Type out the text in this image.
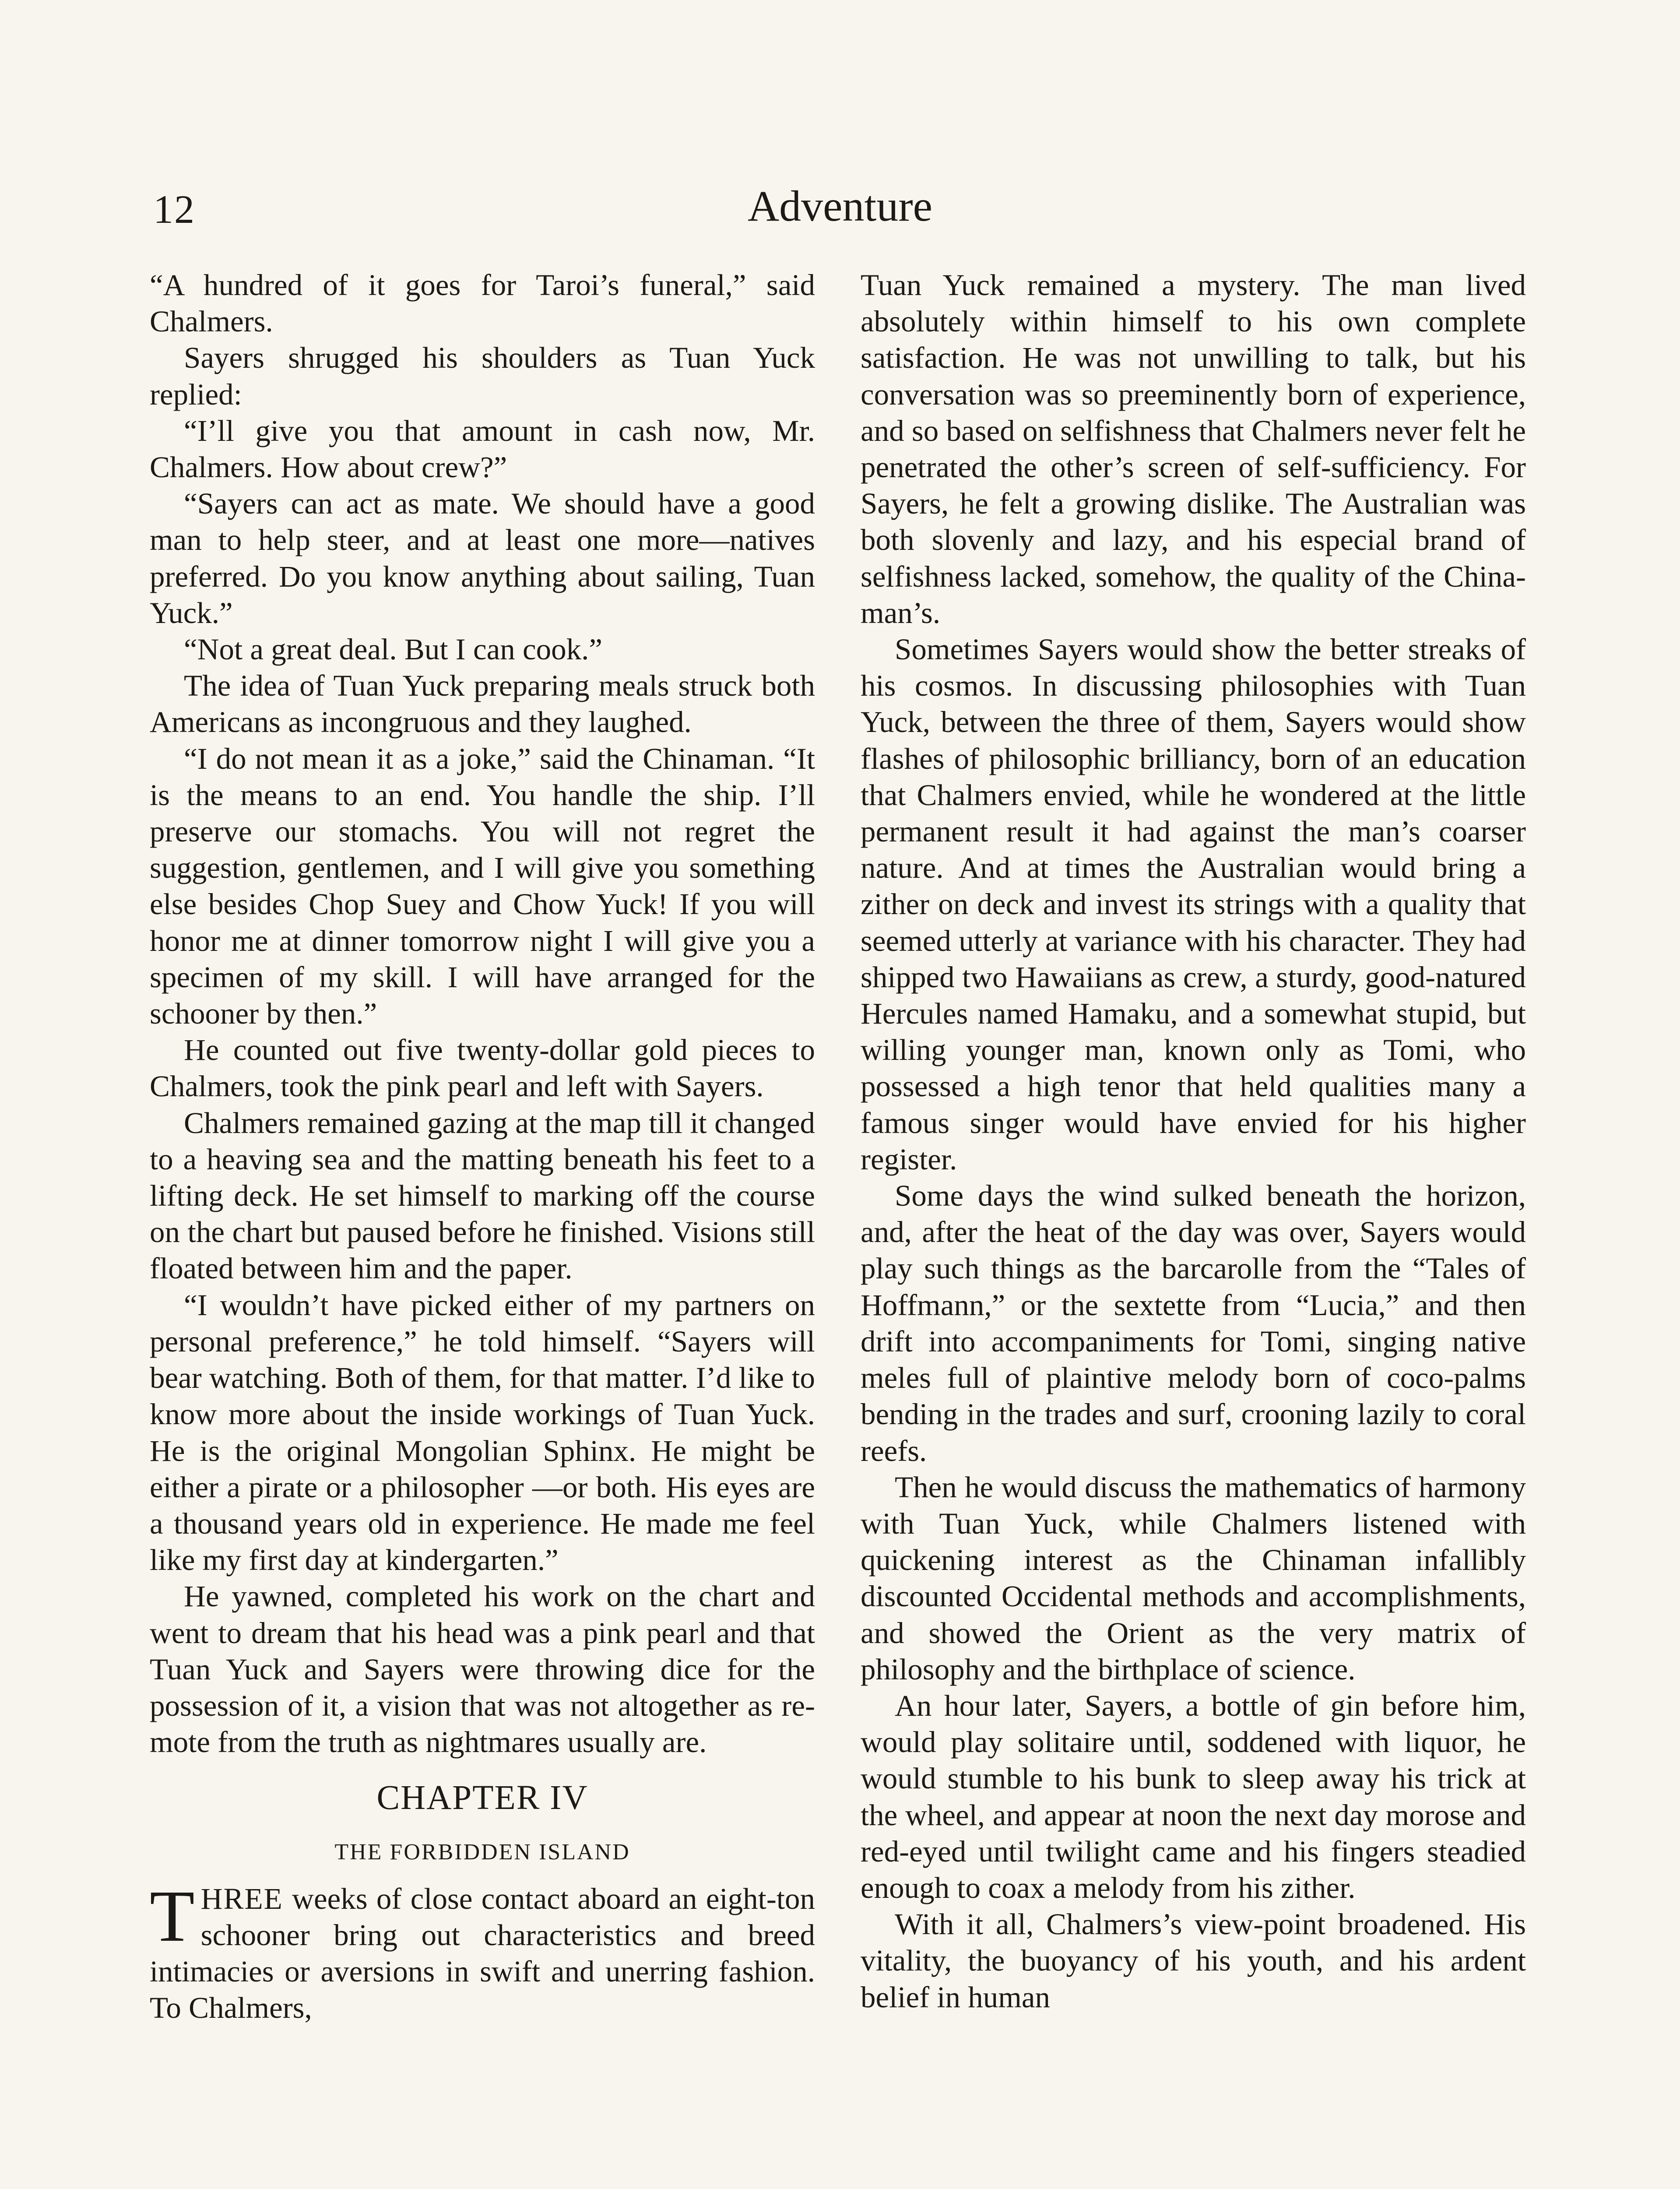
12	Adventure

“A hundred of it goes for Taroi’s funeral,” said Chalmers.

Sayers shrugged his shoulders as Tuan Yuck replied:

“I’ll give you that amount in cash now, Mr. Chalmers. How about crew?”

“Sayers can act as mate. We should have a good man to help steer, and at least one more—natives preferred. Do you know anything about sailing, Tuan Yuck.”

“Not a great deal. But I can cook.”

The idea of Tuan Yuck preparing meals struck both Americans as incongruous and they laughed.

“I do not mean it as a joke,” said the Chinaman. “It is the means to an end. You handle the ship. I’ll preserve our stomachs. You will not regret the suggestion, gentlemen, and I will give you something else besides Chop Suey and Chow Yuck! If you will honor me at dinner tomorrow night I will give you a specimen of my skill. I will have arranged for the schooner by then.”

He counted out five twenty-dollar gold pieces to Chalmers, took the pink pearl and left with Sayers.

Chalmers remained gazing at the map till it changed to a heaving sea and the matting beneath his feet to a lifting deck. He set himself to marking off the course on the chart but paused before he finished. Visions still floated between him and the paper.

“I wouldn’t have picked either of my partners on personal preference,” he told himself. “Sayers will bear watching. Both of them, for that matter. I’d like to know more about the inside workings of Tuan Yuck. He is the original Mongolian Sphinx. He might be either a pirate or a philosopher —or both. His eyes are a thousand years old in experience. He made me feel like my first day at kindergarten.”

He yawned, completed his work on the chart and went to dream that his head was a pink pearl and that Tuan Yuck and Sayers were throwing dice for the possession of it, a vision that was not altogether as remote from the truth as nightmares usually are.

CHAPTER IV
THE FORBIDDEN ISLAND

THREE weeks of close contact aboard an eight-ton schooner bring out characteristics and breed intimacies or aversions in swift and unerring fashion. To Chalmers,

Tuan Yuck remained a mystery. The man lived absolutely within himself to his own complete satisfaction. He was not unwilling to talk, but his conversation was so preeminently born of experience, and so based on selfishness that Chalmers never felt he penetrated the other’s screen of self-sufficiency. For Sayers, he felt a growing dislike. The Australian was both slovenly and lazy, and his especial brand of selfishness lacked, somehow, the quality of the Chinaman’s.

Sometimes Sayers would show the better streaks of his cosmos. In discussing philosophies with Tuan Yuck, between the three of them, Sayers would show flashes of philosophic brilliancy, born of an education that Chalmers envied, while he wondered at the little permanent result it had against the man’s coarser nature. And at times the Australian would bring a zither on deck and invest its strings with a quality that seemed utterly at variance with his character. They had shipped two Hawaiians as crew, a sturdy, good-natured Hercules named Hamaku, and a somewhat stupid, but willing younger man, known only as Tomi, who possessed a high tenor that held qualities many a famous singer would have envied for his higher register.

Some days the wind sulked beneath the horizon, and, after the heat of the day was over, Sayers would play such things as the barcarolle from the “Tales of Hoffmann,” or the sextette from “Lucia,” and then drift into accompaniments for Tomi, singing native meles full of plaintive melody born of coco-palms bending in the trades and surf, crooning lazily to coral reefs.

Then he would discuss the mathematics of harmony with Tuan Yuck, while Chalmers listened with quickening interest as the Chinaman infallibly discounted Occidental methods and accomplishments, and showed the Orient as the very matrix of philosophy and the birthplace of science.

An hour later, Sayers, a bottle of gin before him, would play solitaire until, soddened with liquor, he would stumble to his bunk to sleep away his trick at the wheel, and appear at noon the next day morose and red-eyed until twilight came and his fingers steadied enough to coax a melody from his zither.

With it all, Chalmers’s view-point broadened. His vitality, the buoyancy of his youth, and his ardent belief in human
